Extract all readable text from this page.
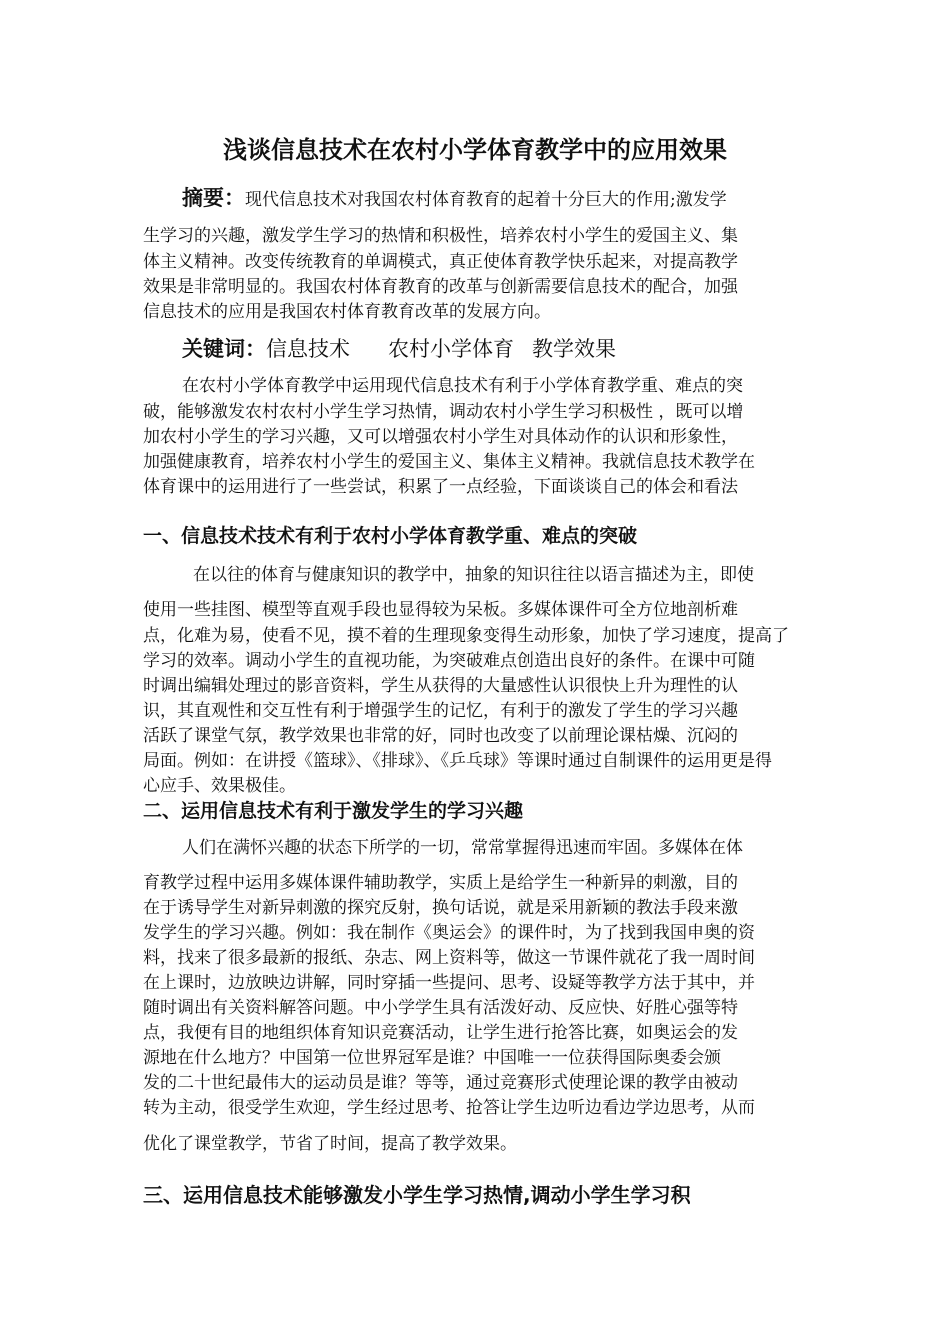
浅谈信息技术在农村小学体育教学中的应用效果
摘要：现代信息技术对我国农村体育教育的起着十分巨大的作用;激发学
生学习的兴趣，激发学生学习的热情和积极性，培养农村小学生的爱国主义、集
体主义精神。改变传统教育的单调模式，真正使体育教学快乐起来，对提高教学
效果是非常明显的。我国农村体育教育的改革与创新需要信息技术的配合，加强
信息技术的应用是我国农村体育教育改革的发展方向。
关键词：信息技术 农村小学体育 教学效果
在农村小学体育教学中运用现代信息技术有利于小学体育教学重、难点的突
破，能够激发农村农村小学生学习热情，调动农村小学生学习积极性 ，既可以增
加农村小学生的学习兴趣，又可以增强农村小学生对具体动作的认识和形象性，
加强健康教育，培养农村小学生的爱国主义、集体主义精神。我就信息技术教学在
体育课中的运用进行了一些尝试，积累了一点经验，下面谈谈自己的体会和看法
一、信息技术技术有利于农村小学体育教学重、难点的突破
在以往的体育与健康知识的教学中，抽象的知识往往以语言描述为主，即使
使用一些挂图、模型等直观手段也显得较为呆板。多媒体课件可全方位地剖析难
点，化难为易，使看不见，摸不着的生理现象变得生动形象，加快了学习速度，提高了
学习的效率。调动小学生的直视功能，为突破难点创造出良好的条件。在课中可随
时调出编辑处理过的影音资料，学生从获得的大量感性认识很快上升为理性的认
识，其直观性和交互性有利于增强学生的记忆，有利于的激发了学生的学习兴趣
活跃了课堂气氛，教学效果也非常的好，同时也改变了以前理论课枯燥、沉闷的
局面。例如：在讲授《篮球》、《排球》、《乒乓球》等课时通过自制课件的运用更是得
心应手、效果极佳。
二、运用信息技术有利于激发学生的学习兴趣
人们在满怀兴趣的状态下所学的一切，常常掌握得迅速而牢固。多媒体在体
育教学过程中运用多媒体课件辅助教学，实质上是给学生一种新异的刺激，目的
在于诱导学生对新异刺激的探究反射，换句话说，就是采用新颖的教法手段来激
发学生的学习兴趣。例如：我在制作《奥运会》的课件时，为了找到我国申奥的资
料，找来了很多最新的报纸、杂志、网上资料等，做这一节课件就花了我一周时间
在上课时，边放映边讲解，同时穿插一些提问、思考、设疑等教学方法于其中，并
随时调出有关资料解答问题。中小学学生具有活泼好动、反应快、好胜心强等特
点，我便有目的地组织体育知识竞赛活动，让学生进行抢答比赛，如奥运会的发
源地在什么地方？中国第一位世界冠军是谁？中国唯一一位获得国际奥委会颁
发的二十世纪最伟大的运动员是谁？等等，通过竞赛形式使理论课的教学由被动
转为主动，很受学生欢迎，学生经过思考、抢答让学生边听边看边学边思考，从而
优化了课堂教学，节省了时间，提高了教学效果。
三、运用信息技术能够激发小学生学习热情,调动小学生学习积
